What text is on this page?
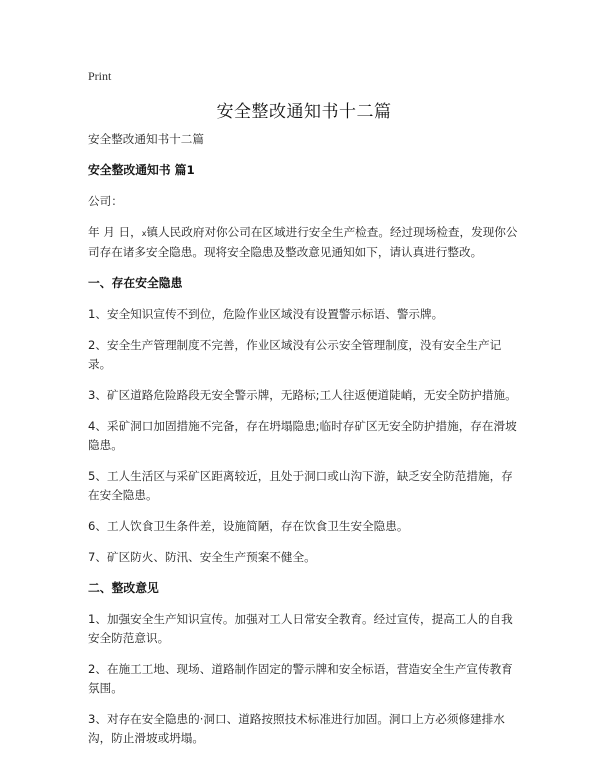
Print
安全整改通知书十二篇

安全整改通知书十二篇

安全整改通知书 篇1

公司：

年 月 日，x镇人民政府对你公司在区域进行安全生产检查。经过现场检查，发现你公司存在诸多安全隐患。现将安全隐患及整改意见通知如下，请认真进行整改。

一、存在安全隐患

1、安全知识宣传不到位，危险作业区域没有设置警示标语、警示牌。

2、安全生产管理制度不完善，作业区域没有公示安全管理制度，没有安全生产记录。

3、矿区道路危险路段无安全警示牌，无路标;工人往返便道陡峭，无安全防护措施。

4、采矿洞口加固措施不完备，存在坍塌隐患;临时存矿区无安全防护措施，存在滑坡隐患。

5、工人生活区与采矿区距离较近，且处于洞口或山沟下游，缺乏安全防范措施，存在安全隐患。

6、工人饮食卫生条件差，设施简陋，存在饮食卫生安全隐患。

7、矿区防火、防汛、安全生产预案不健全。

二、整改意见

1、加强安全生产知识宣传。加强对工人日常安全教育。经过宣传，提高工人的自我安全防范意识。

2、在施工工地、现场、道路制作固定的警示牌和安全标语，营造安全生产宣传教育氛围。

3、对存在安全隐患的·洞口、道路按照技术标准进行加固。洞口上方必须修建排水沟，防止滑坡或坍塌。
